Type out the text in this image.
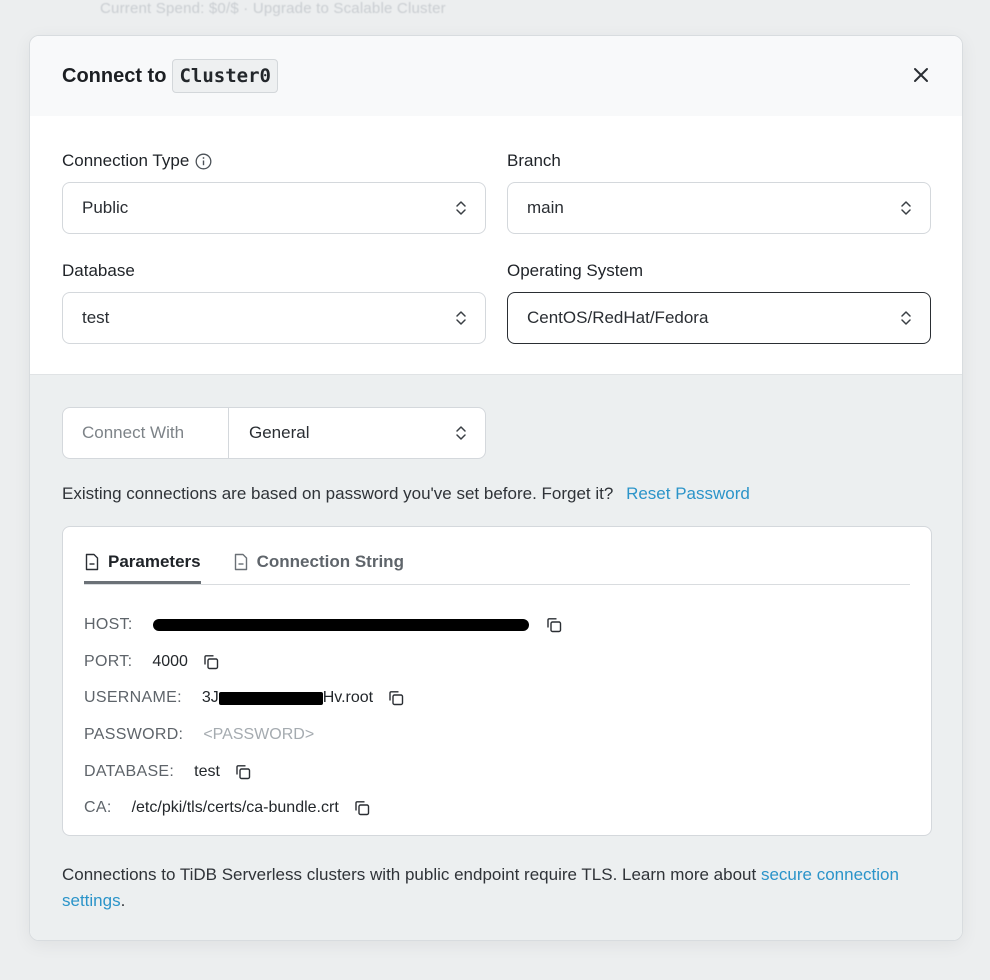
Current Spend: $0/$ · Upgrade to Scalable Cluster
Connect to Cluster0
Connection Type
Public
Branch
main
Database
test
Operating System
CentOS/RedHat/Fedora
Connect With	General
Existing connections are based on password you've set before. Forget it? Reset Password
Parameters	Connection String
HOST:
PORT: 4000
USERNAME: 3J	Hv.root
PASSWORD: <PASSWORD>
DATABASE: test
CA: /etc/pki/tls/certs/ca-bundle.crt
Connections to TiDB Serverless clusters with public endpoint require TLS. Learn more about secure connection settings.
